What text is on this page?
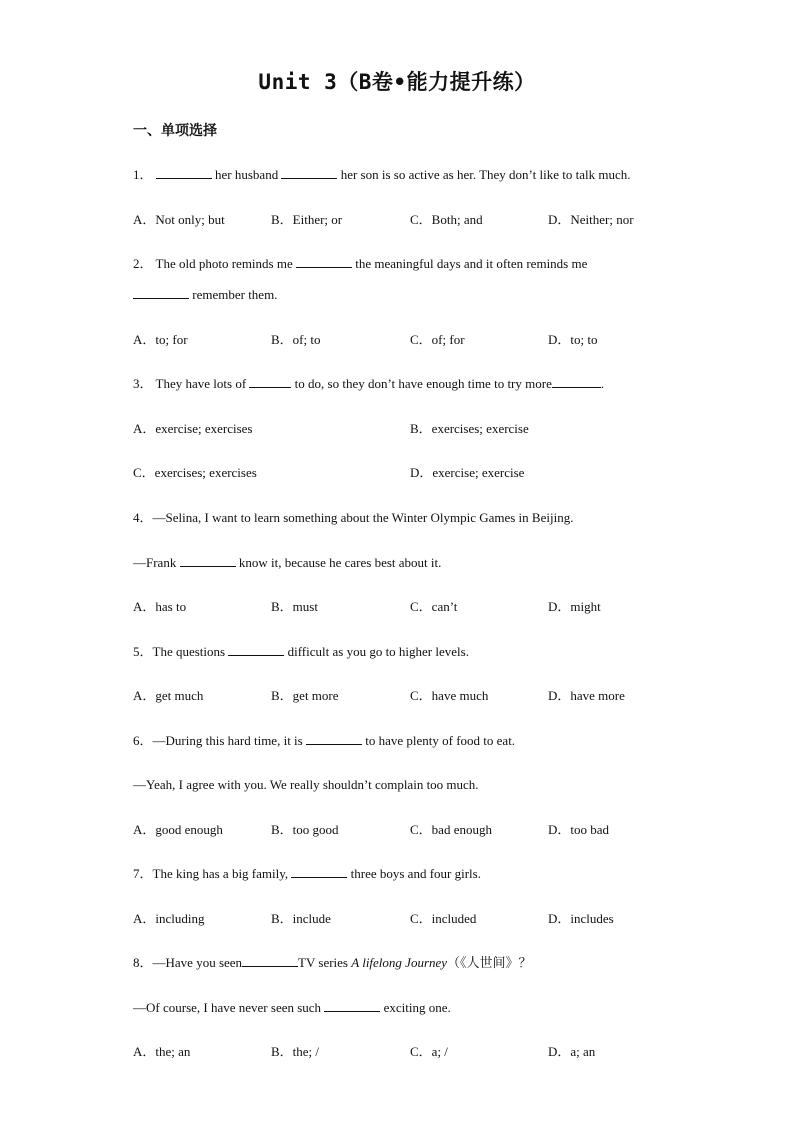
Unit 3（B卷•能力提升练）
一、单项选择
1．	her husband	her son is so active as her. They don’t like to talk much.
A．Not only; but	B．Either; or	C．Both; and	D．Neither; nor
2． The old photo reminds me	the meaningful days and it often reminds me
remember them.
A．to; for	B．of; to	C．of; for	D．to; to
3． They have lots of	to do, so they don’t have enough time to try more	.
A．exercise; exercises	B．exercises; exercise
C．exercises; exercises	D．exercise; exercise
4．—Selina, I want to learn something about the Winter Olympic Games in Beijing.
—Frank	know it, because he cares best about it.
A．has to	B．must	C．can’t	D．might
5．The questions	difficult as you go to higher levels.
A．get much	B．get more	C．have much	D．have more
6．—During this hard time, it is	to have plenty of food to eat.
—Yeah, I agree with you. We really shouldn’t complain too much.
A．good enough	B．too good	C．bad enough	D．too bad
7．The king has a big family,	three boys and four girls.
A．including	B．include	C．included	D．includes
8．—Have you seen	TV series A lifelong Journey（《人世间》？
—Of course, I have never seen such	exciting one.
A．the; an	B．the; /	C．a; /	D．a; an
